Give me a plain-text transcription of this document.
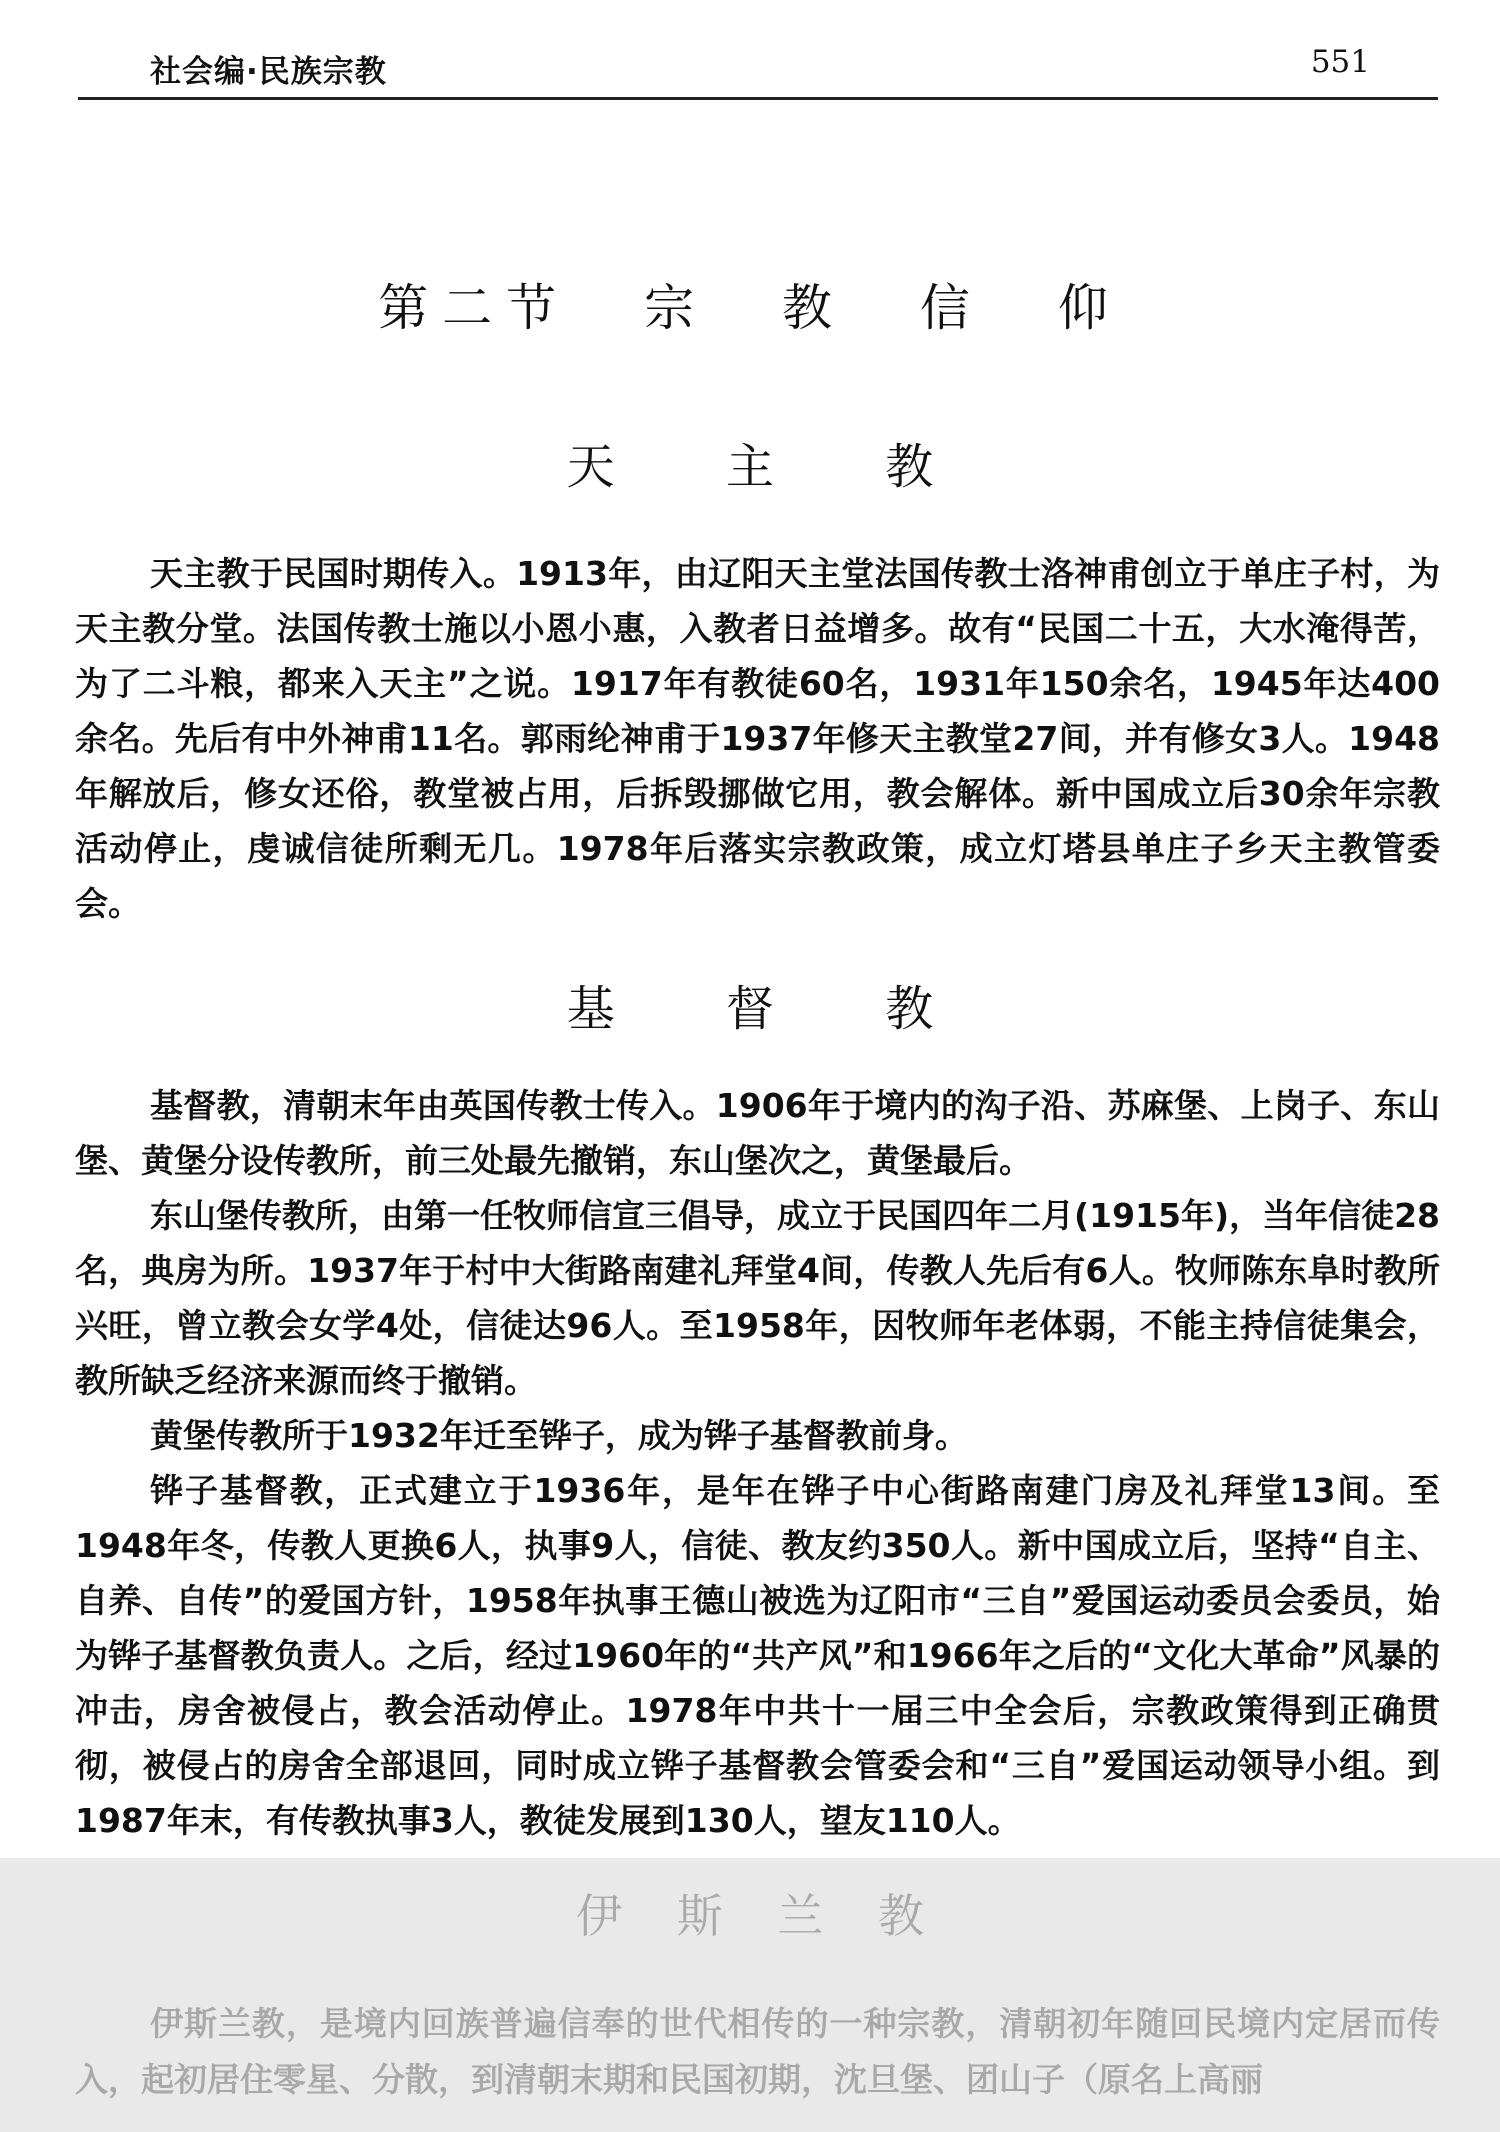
社会编·民族宗教	551
第二节 宗 教 信 仰
天 主 教

天主教于民国时期传入。1913年，由辽阳天主堂法国传教士洛神甫创立于单庄子村，为天主教分堂。法国传教士施以小恩小惠，入教者日益增多。故有“民国二十五，大水淹得苦，为了二斗粮，都来入天主”之说。1917年有教徒60名，1931年150余名，1945年达400余名。先后有中外神甫11名。郭雨纶神甫于1937年修天主教堂27间，并有修女3人。1948年解放后，修女还俗，教堂被占用，后拆毁挪做它用，教会解体。新中国成立后30余年宗教活动停止，虔诚信徒所剩无几。1978年后落实宗教政策，成立灯塔县单庄子乡天主教管委会。

基 督 教

基督教，清朝末年由英国传教士传入。1906年于境内的沟子沿、苏麻堡、上岗子、东山堡、黄堡分设传教所，前三处最先撤销，东山堡次之，黄堡最后。

东山堡传教所，由第一任牧师信宣三倡导，成立于民国四年二月(1915年)，当年信徒28名，典房为所。1937年于村中大街路南建礼拜堂4间，传教人先后有6人。牧师陈东阜时教所兴旺，曾立教会女学4处，信徒达96人。至1958年，因牧师年老体弱，不能主持信徒集会，教所缺乏经济来源而终于撤销。

黄堡传教所于1932年迁至铧子，成为铧子基督教前身。

铧子基督教，正式建立于1936年，是年在铧子中心街路南建门房及礼拜堂13间。至1948年冬，传教人更换6人，执事9人，信徒、教友约350人。新中国成立后，坚持“自主、自养、自传”的爱国方针，1958年执事王德山被选为辽阳市“三自”爱国运动委员会委员，始为铧子基督教负责人。之后，经过1960年的“共产风”和1966年之后的“文化大革命”风暴的冲击，房舍被侵占，教会活动停止。1978年中共十一届三中全会后，宗教政策得到正确贯彻，被侵占的房舍全部退回，同时成立铧子基督教会管委会和“三自”爱国运动领导小组。到1987年末，有传教执事3人，教徒发展到130人，望友110人。

伊 斯 兰 教

伊斯兰教，是境内回族普遍信奉的世代相传的一种宗教，清朝初年随回民境内定居而传入，起初居住零星、分散，到清朝末期和民国初期，沈旦堡、团山子（原名上高丽
